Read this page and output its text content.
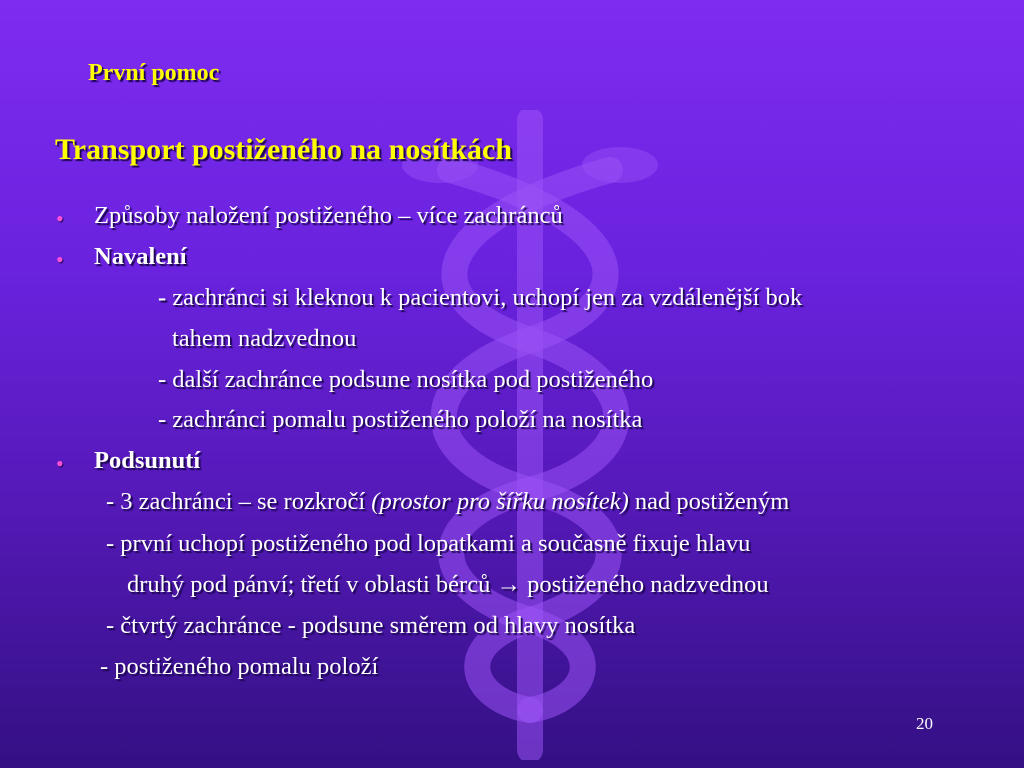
První pomoc
Transport postiženého na nosítkách
• Způsoby naložení postiženého – více zachránců
• Navalení
- zachránci si kleknou k pacientovi, uchopí jen za vzdálenější bok
tahem nadzvednou
- další zachránce podsune nosítka pod postiženého
- zachránci pomalu postiženého položí na nosítka
• Podsunutí
- 3 zachránci – se rozkročí (prostor pro šířku nosítek) nad postiženým
- první uchopí postiženého pod lopatkami a současně fixuje hlavu
druhý pod pánví; třetí v oblasti bérců → postiženého nadzvednou
- čtvrtý zachránce - podsune směrem od hlavy nosítka
- postiženého pomalu položí
20
